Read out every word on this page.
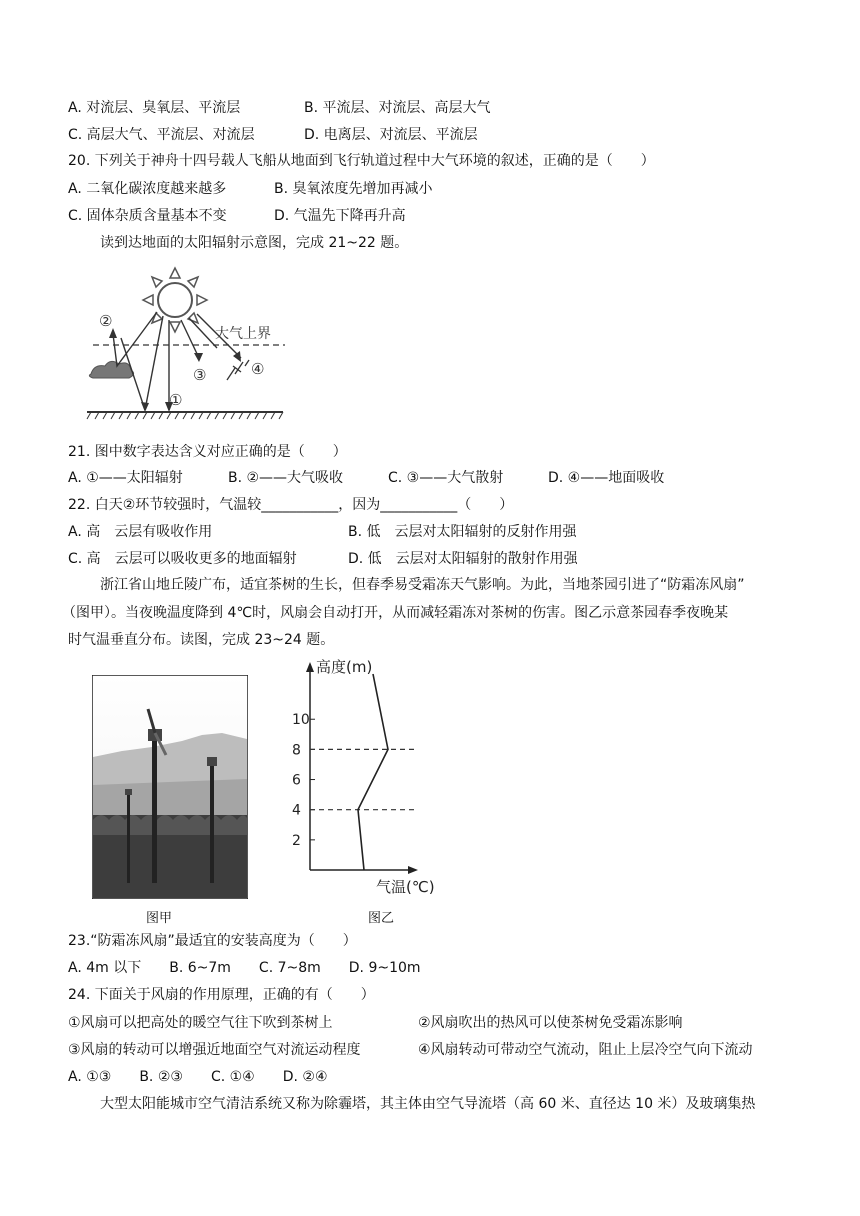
A. 对流层、臭氧层、平流层	B. 平流层、对流层、高层大气
C. 高层大气、平流层、对流层	D. 电离层、对流层、平流层
20. 下列关于神舟十四号载人飞船从地面到飞行轨道过程中大气环境的叙述，正确的是（　　）
A. 二氧化碳浓度越来越多	B. 臭氧浓度先增加再减小
C. 固体杂质含量基本不变	D. 气温先下降再升高
读到达地面的太阳辐射示意图，完成 21~22 题。
大气上界
②
③	④
①
21. 图中数字表达含义对应正确的是（　　）
A. ①——太阳辐射	B. ②——大气吸收	C. ③——大气散射	D. ④——地面吸收
22. 白天②环节较强时，气温较___________，因为___________（　　）
A. 高　云层有吸收作用	B. 低　云层对太阳辐射的反射作用强
C. 高　云层可以吸收更多的地面辐射	D. 低　云层对太阳辐射的散射作用强
浙江省山地丘陵广布，适宜茶树的生长，但春季易受霜冻天气影响。为此，当地茶园引进了“防霜冻风扇”
（图甲）。当夜晚温度降到 4℃时，风扇会自动打开，从而减轻霜冻对茶树的伤害。图乙示意茶园春季夜晚某
时气温垂直分布。读图，完成 23~24 题。
图甲
高度(m)
气温(℃)
2
4
6
8
10
图乙
23.“防霜冻风扇”最适宜的安装高度为（　　）
A. 4m 以下　　B. 6~7m　　C. 7~8m　　D. 9~10m
24. 下面关于风扇的作用原理，正确的有（　　）
①风扇可以把高处的暖空气往下吹到茶树上	②风扇吹出的热风可以使茶树免受霜冻影响
③风扇的转动可以增强近地面空气对流运动程度	④风扇转动可带动空气流动，阻止上层冷空气向下流动
A. ①③　　B. ②③　　C. ①④　　D. ②④
大型太阳能城市空气清洁系统又称为除霾塔，其主体由空气导流塔（高 60 米、直径达 10 米）及玻璃集热
